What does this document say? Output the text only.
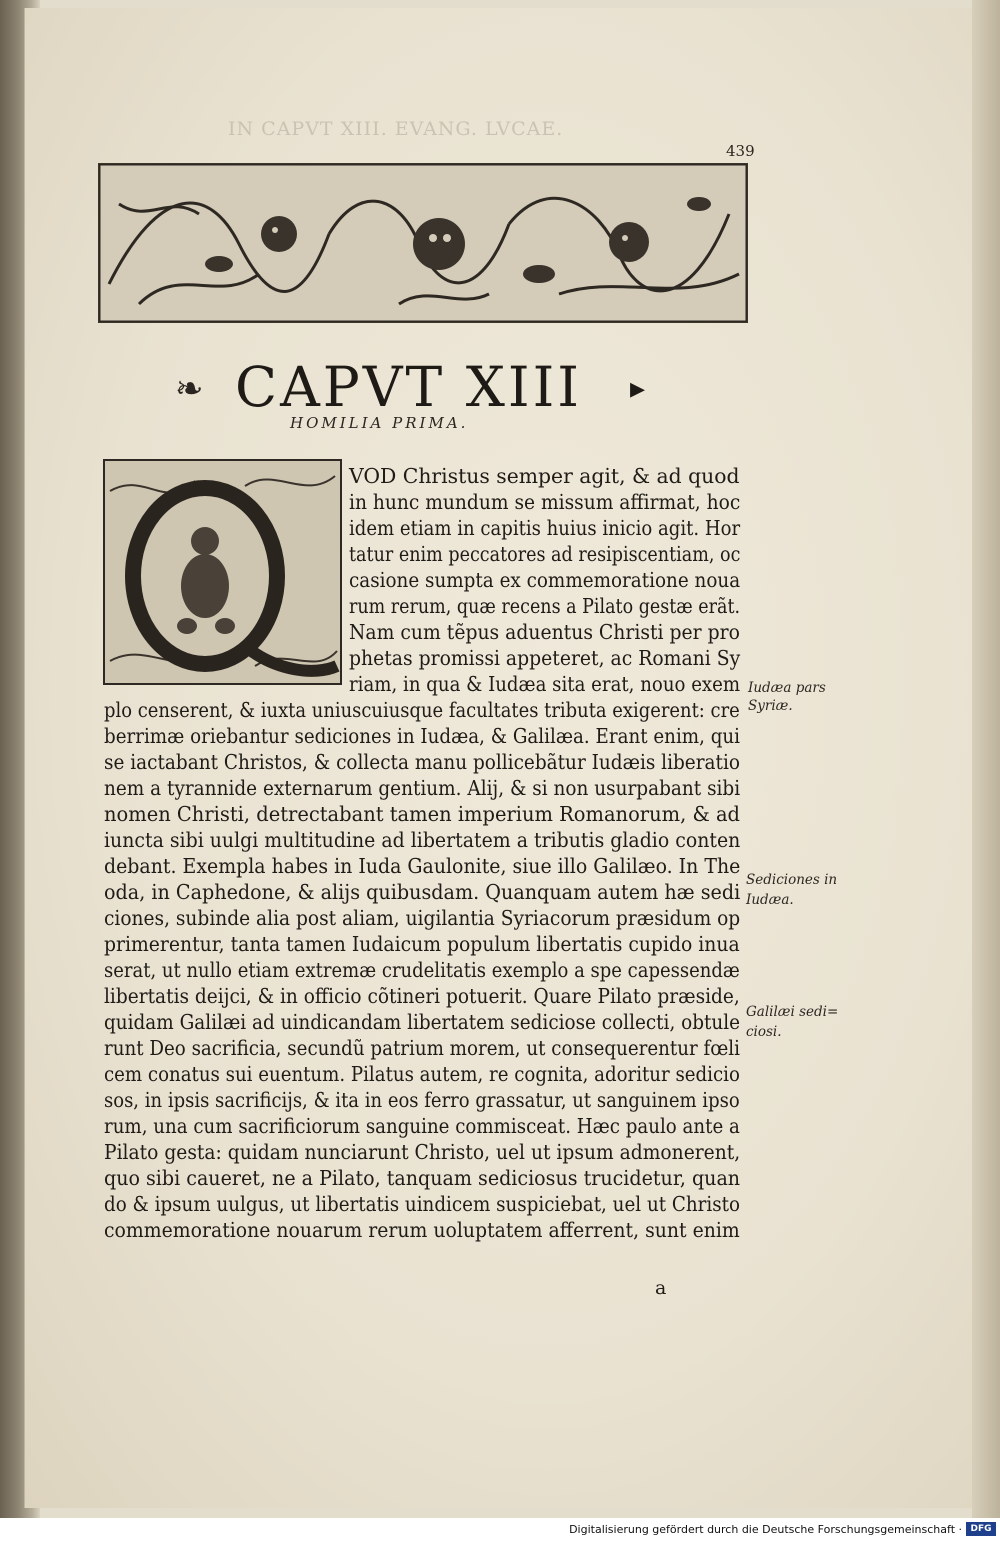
IN CAPVT XIII. EVANG. LVCAE.
439
❧ CAPVT XIII ▸
HOMILIA PRIMA.
VOD Christus semper agit, & ad quod
in hunc mundum se missum affirmat, hoc
idem etiam in capitis huius inicio agit. Hor
tatur enim peccatores ad resipiscentiam, oc
casione sumpta ex commemoratione noua
rum rerum, quæ recens a Pilato gestæ erãt.
Nam cum tẽpus aduentus Christi per pro
phetas promissi appeteret, ac Romani Sy
riam, in qua & Iudæa sita erat, nouo exem
plo censerent, & iuxta uniuscuiusque facultates tributa exigerent: cre
berrimæ oriebantur sediciones in Iudæa, & Galilæa. Erant enim, qui
se iactabant Christos, & collecta manu pollicebãtur Iudæis liberatio
nem a tyrannide externarum gentium. Alij, & si non usurpabant sibi
nomen Christi, detrectabant tamen imperium Romanorum, & ad
iuncta sibi uulgi multitudine ad libertatem a tributis gladio conten
debant. Exempla habes in Iuda Gaulonite, siue illo Galilæo. In The
oda, in Caphedone, & alijs quibusdam. Quanquam autem hæ sedi
ciones, subinde alia post aliam, uigilantia Syriacorum præsidum op
primerentur, tanta tamen Iudaicum populum libertatis cupido inua
serat, ut nullo etiam extremæ crudelitatis exemplo a spe capessendæ
libertatis deijci, & in officio cõtineri potuerit. Quare Pilato præside,
quidam Galilæi ad uindicandam libertatem sediciose collecti, obtule
runt Deo sacrificia, secundũ patrium morem, ut consequerentur fœli
cem conatus sui euentum. Pilatus autem, re cognita, adoritur sedicio
sos, in ipsis sacrificijs, & ita in eos ferro grassatur, ut sanguinem ipso
rum, una cum sacrificiorum sanguine commisceat. Hæc paulo ante a
Pilato gesta: quidam nunciarunt Christo, uel ut ipsum admonerent,
quo sibi caueret, ne a Pilato, tanquam sediciosus trucidetur, quan
do & ipsum uulgus, ut libertatis uindicem suspiciebat, uel ut Christo
commemoratione nouarum rerum uoluptatem afferrent, sunt enim
Iudæa pars
Syriæ.
Sediciones in
Iudæa.
Galilæi sedi=
ciosi.
a
Digitalisierung gefördert durch die Deutsche Forschungsgemeinschaft · DFG
